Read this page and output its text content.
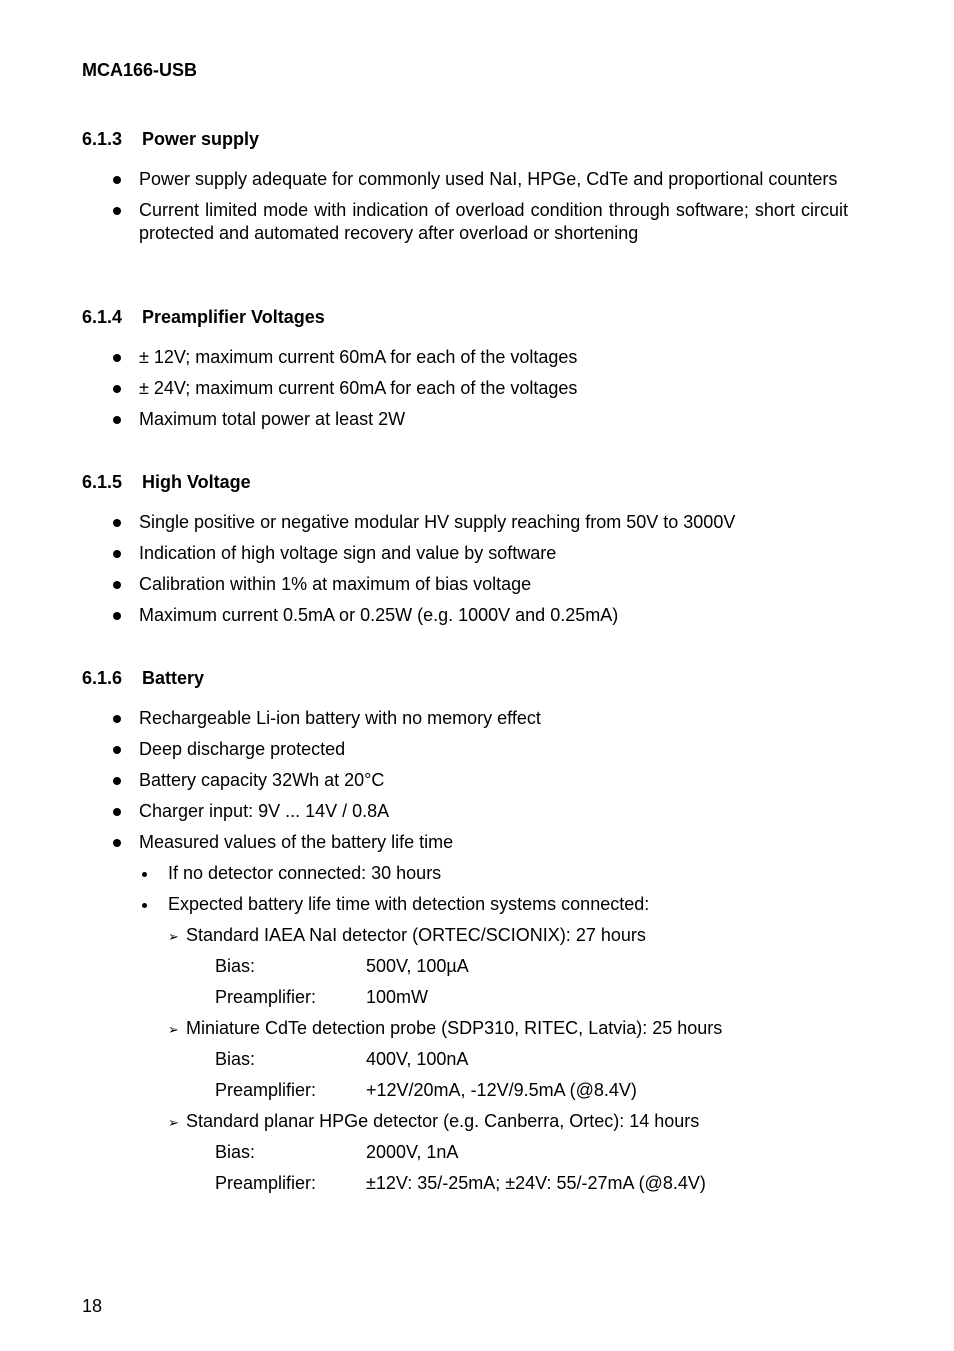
MCA166-USB
6.1.3	Power supply
Power supply adequate for commonly used NaI, HPGe, CdTe and proportional counters
Current limited mode with indication of overload condition through software; short circuit protected and automated recovery after overload or shortening
6.1.4	Preamplifier Voltages
± 12V; maximum current 60mA for each of the voltages
± 24V; maximum current 60mA for each of the voltages
Maximum total power at least 2W
6.1.5	High Voltage
Single positive or negative modular HV supply reaching from 50V to 3000V
Indication of high voltage sign and value by software
Calibration within 1% at maximum of bias voltage
Maximum current 0.5mA or 0.25W (e.g. 1000V and 0.25mA)
6.1.6	Battery
Rechargeable Li-ion battery with no memory effect
Deep discharge protected
Battery capacity 32Wh at 20°C
Charger input: 9V ... 14V / 0.8A
Measured values of the battery life time
If no detector connected: 30 hours
Expected battery life time with detection systems connected:
➢ Standard IAEA NaI detector (ORTEC/SCIONIX): 27 hours
Bias:	500V, 100µA
Preamplifier:	100mW
➢ Miniature CdTe detection probe (SDP310, RITEC, Latvia): 25 hours
Bias:	400V, 100nA
Preamplifier:	+12V/20mA, -12V/9.5mA (@8.4V)
➢ Standard planar HPGe detector (e.g. Canberra, Ortec): 14 hours
Bias:	2000V, 1nA
Preamplifier:	±12V: 35/-25mA; ±24V: 55/-27mA (@8.4V)
18
